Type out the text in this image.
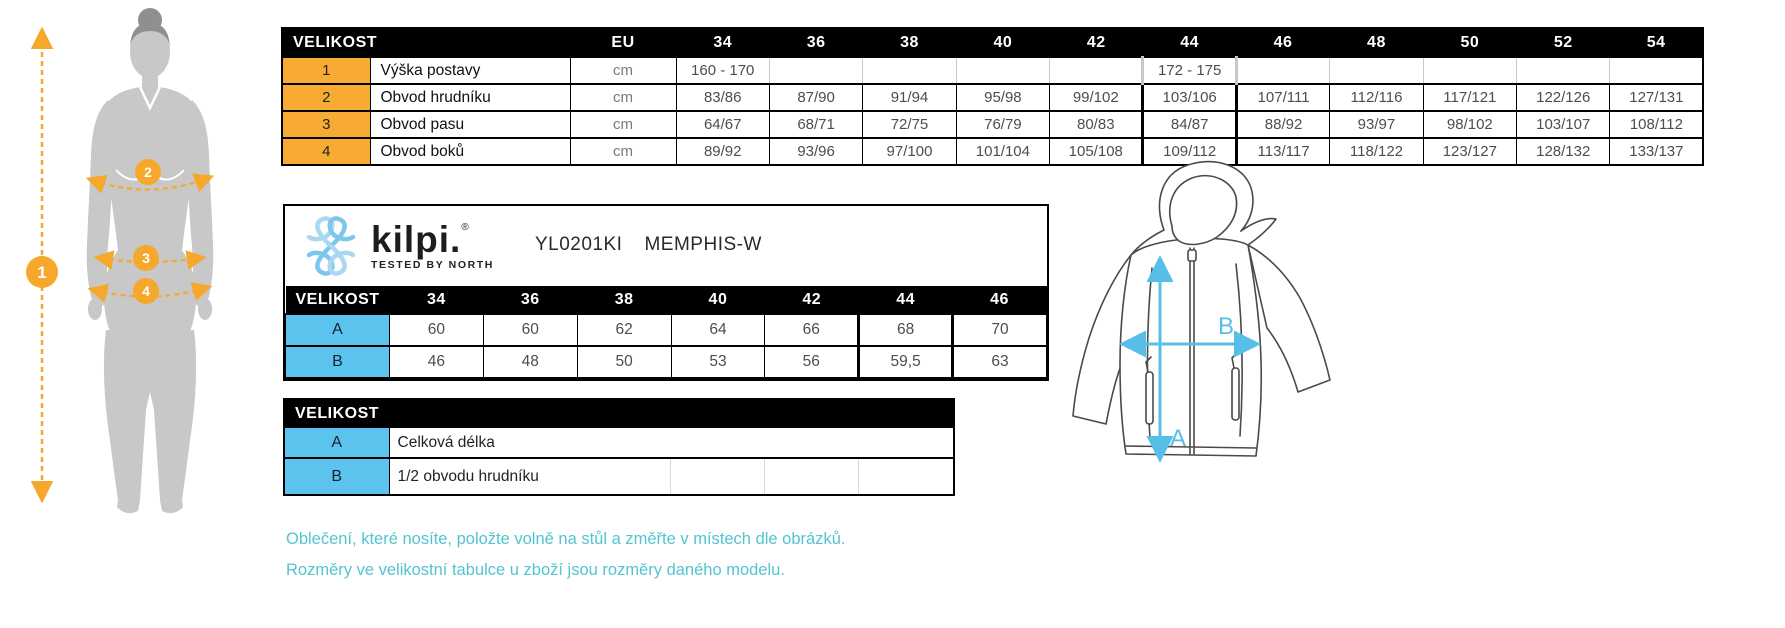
1
2
3
4
VELIKOST		EU	34	36	38	40	42	44	46	48	50	52	54
1	Výška postavy	cm	160 - 170					172 - 175					
2	Obvod hrudníku	cm	83/86	87/90	91/94	95/98	99/102	103/106	107/111	112/116	117/121	122/126	127/131
3	Obvod pasu	cm	64/67	68/71	72/75	76/79	80/83	84/87	88/92	93/97	98/102	103/107	108/112
4	Obvod boků	cm	89/92	93/96	97/100	101/104	105/108	109/112	113/117	118/122	123/127	128/132	133/137
kilpi.®
TESTED BY NORTH
YL0201KI MEMPHIS-W
VELIKOST	34	36	38	40	42	44	46
A	60	60	62	64	66	68	70
B	46	48	50	53	56	59,5	63
VELIKOST
A	Celková délka			
B	1/2 obvodu hrudníku			
A
B
Oblečení, které nosíte, položte volně na stůl a změřte v místech dle obrázků.
Rozměry ve velikostní tabulce u zboží jsou rozměry daného modelu.
